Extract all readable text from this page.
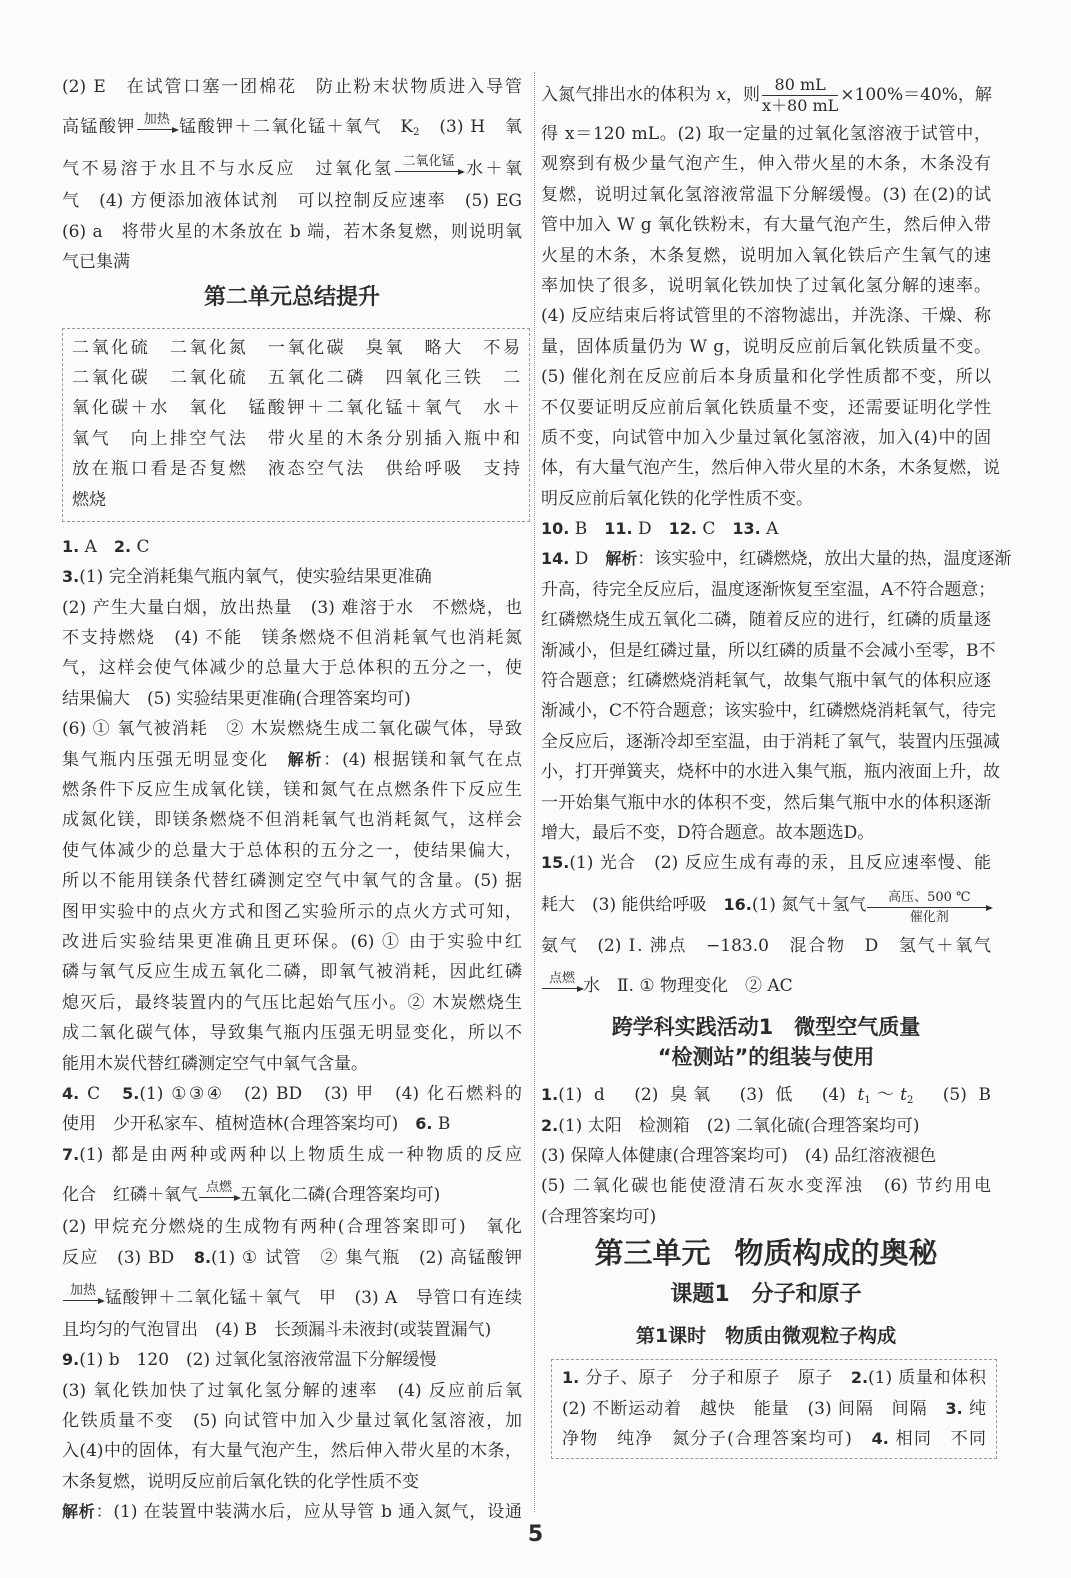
(2) E　在试管口塞一团棉花　防止粉末状物质进入导管
高锰酸钾 加热 锰酸钾＋二氧化锰＋氧气　$K_2$　(3) H　氧
气不易溶于水且不与水反应　过氧化氢 二氧化锰 水＋氧
气　(4) 方便添加液体试剂　可以控制反应速率　(5) EG
(6) a　将带火星的木条放在 b 端，若木条复燃，则说明氧
气已集满
第二单元总结提升
二氧化硫　二氧化氮　一氧化碳　臭氧　略大　不易
二氧化碳　二氧化硫　五氧化二磷　四氧化三铁　二
氧化碳＋水　氧化　锰酸钾＋二氧化锰＋氧气　水＋
氧气　向上排空气法　带火星的木条分别插入瓶中和
放在瓶口看是否复燃　液态空气法　供给呼吸　支持
燃烧
1. A　2. C
3.(1) 完全消耗集气瓶内氧气，使实验结果更准确
(2) 产生大量白烟，放出热量　(3) 难溶于水　不燃烧，也
不支持燃烧　(4) 不能　镁条燃烧不但消耗氧气也消耗氮
气，这样会使气体减少的总量大于总体积的五分之一，使
结果偏大　(5) 实验结果更准确(合理答案均可)
(6) ① 氧气被消耗　② 木炭燃烧生成二氧化碳气体，导致
集气瓶内压强无明显变化　解析：(4) 根据镁和氧气在点
燃条件下反应生成氧化镁，镁和氮气在点燃条件下反应生
成氮化镁，即镁条燃烧不但消耗氧气也消耗氮气，这样会
使气体减少的总量大于总体积的五分之一，使结果偏大，
所以不能用镁条代替红磷测定空气中氧气的含量。(5) 据
图甲实验中的点火方式和图乙实验所示的点火方式可知，
改进后实验结果更准确且更环保。(6) ① 由于实验中红
磷与氧气反应生成五氧化二磷，即氧气被消耗，因此红磷
熄灭后，最终装置内的气压比起始气压小。② 木炭燃烧生
成二氧化碳气体，导致集气瓶内压强无明显变化，所以不
能用木炭代替红磷测定空气中氧气含量。
4. C　5.(1) ①③④　(2) BD　(3) 甲　(4) 化石燃料的
使用　少开私家车、植树造林(合理答案均可)　6. B
7.(1) 都是由两种或两种以上物质生成一种物质的反应
化合　红磷＋氧气 点燃 五氧化二磷(合理答案均可)
(2) 甲烷充分燃烧的生成物有两种(合理答案即可)　氧化
反应　(3) BD　8.(1) ① 试管　② 集气瓶　(2) 高锰酸钾
加热 锰酸钾＋二氧化锰＋氧气　甲　(3) A　导管口有连续
且均匀的气泡冒出　(4) B　长颈漏斗未液封(或装置漏气)
9.(1) b　120　(2) 过氧化氢溶液常温下分解缓慢
(3) 氧化铁加快了过氧化氢分解的速率　(4) 反应前后氧
化铁质量不变　(5) 向试管中加入少量过氧化氢溶液，加
入(4)中的固体，有大量气泡产生，然后伸入带火星的木条，
木条复燃，说明反应前后氧化铁的化学性质不变
解析：(1) 在装置中装满水后，应从导管 b 通入氮气，设通
入氮气排出水的体积为 x，则 $\frac{80 mL}{x+80 mL} \times 100\%=40\%$，解
得 x＝120 mL。(2) 取一定量的过氧化氢溶液于试管中，
观察到有极少量气泡产生，伸入带火星的木条，木条没有
复燃，说明过氧化氢溶液常温下分解缓慢。(3) 在(2)的试
管中加入 W g 氧化铁粉末，有大量气泡产生，然后伸入带
火星的木条，木条复燃，说明加入氧化铁后产生氧气的速
率加快了很多，说明氧化铁加快了过氧化氢分解的速率。
(4) 反应结束后将试管里的不溶物滤出，并洗涤、干燥、称
量，固体质量仍为 W g，说明反应前后氧化铁质量不变。
(5) 催化剂在反应前后本身质量和化学性质都不变，所以
不仅要证明反应前后氧化铁质量不变，还需要证明化学性
质不变，向试管中加入少量过氧化氢溶液，加入(4)中的固
体，有大量气泡产生，然后伸入带火星的木条，木条复燃，说
明反应前后氧化铁的化学性质不变。
10. B　11. D　12. C　13. A
14. D　解析：该实验中，红磷燃烧，放出大量的热，温度逐渐
升高，待完全反应后，温度逐渐恢复至室温，A不符合题意；
红磷燃烧生成五氧化二磷，随着反应的进行，红磷的质量逐
渐减小，但是红磷过量，所以红磷的质量不会减小至零，B不
符合题意；红磷燃烧消耗氧气，故集气瓶中氧气的体积应逐
渐减小，C不符合题意；该实验中，红磷燃烧消耗氧气，待完
全反应后，逐渐冷却至室温，由于消耗了氧气，装置内压强减
小，打开弹簧夹，烧杯中的水进入集气瓶，瓶内液面上升，故
一开始集气瓶中水的体积不变，然后集气瓶中水的体积逐渐
增大，最后不变，D符合题意。故本题选D。
15.(1) 光合　(2) 反应生成有毒的汞，且反应速率慢、能
耗大　(3) 能供给呼吸　16.(1) 氮气＋氢气	高压、500 ℃
催化剂
氨气　(2) Ⅰ. 沸点　−183.0　混合物　D　氢气＋氧气
点燃 水　Ⅱ. ① 物理变化　② AC
跨学科实践活动1　微型空气质量
“检测站”的组装与使用
1.(1) d　(2) 臭氧　(3) 低　(4) $t_1\sim t_2$　(5) B
2.(1) 太阳　检测箱　(2) 二氧化硫(合理答案均可)
(3) 保障人体健康(合理答案均可)　(4) 品红溶液褪色
(5) 二氧化碳也能使澄清石灰水变浑浊　(6) 节约用电
(合理答案均可)
第三单元 物质构成的奥秘
课题1　分子和原子
第1课时　物质由微观粒子构成
1. 分子、原子　分子和原子　原子　2.(1) 质量和体积
(2) 不断运动着　越快　能量　(3) 间隔　间隔　3. 纯
净物　纯净　氮分子(合理答案均可)　4. 相同　不同
5
